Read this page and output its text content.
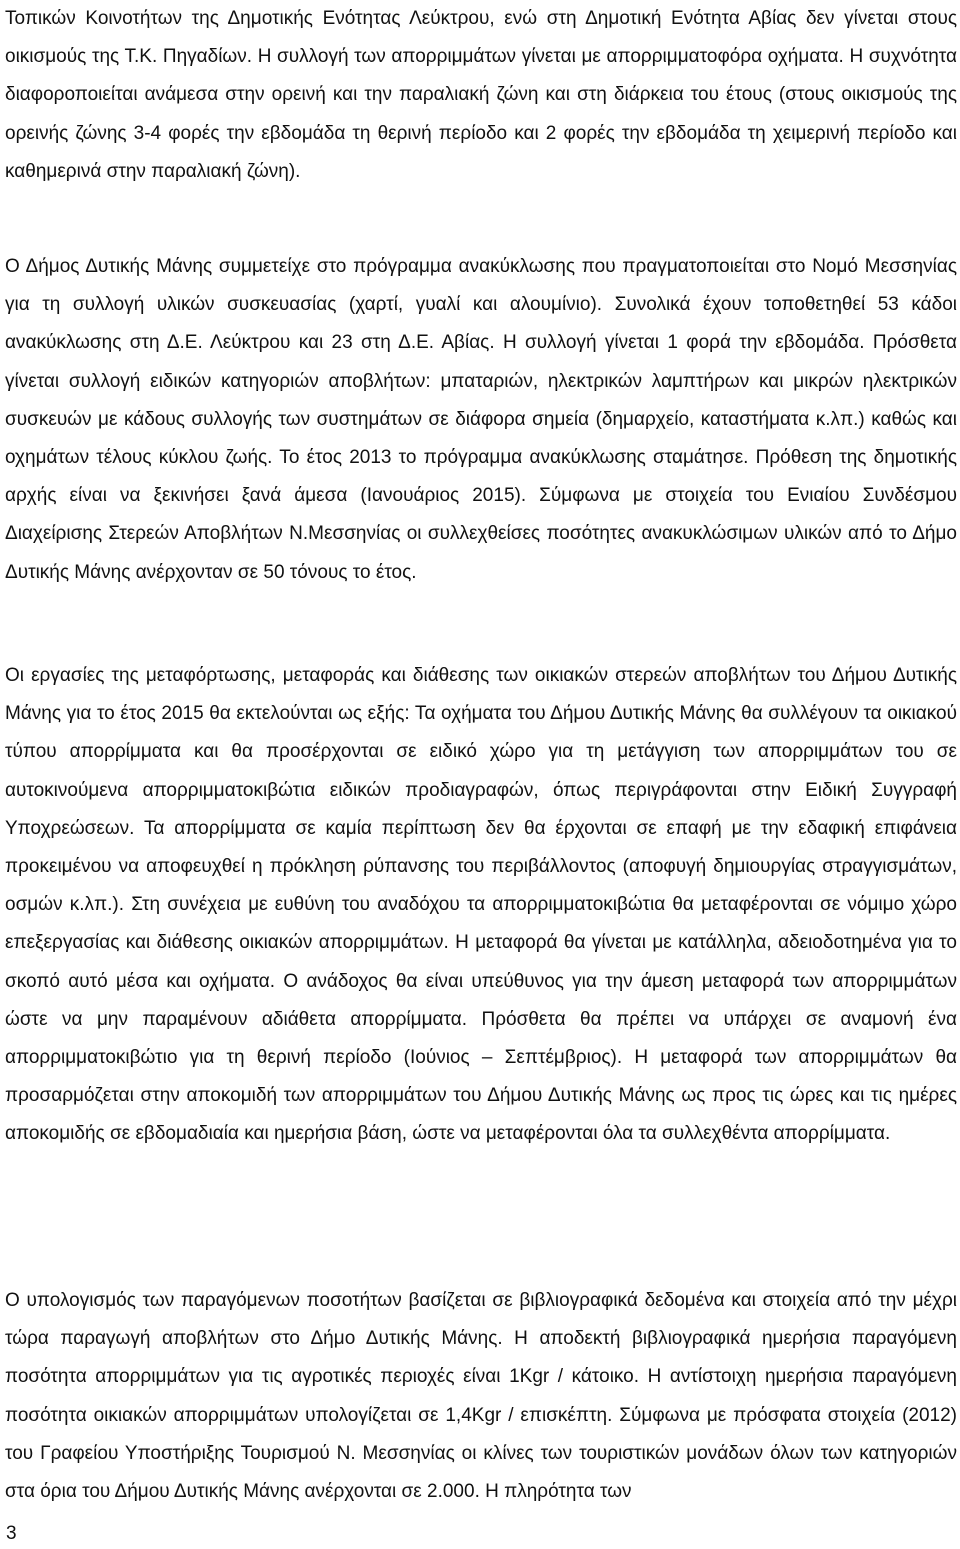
Τοπικών Κοινοτήτων της Δημοτικής Ενότητας Λεύκτρου, ενώ στη Δημοτική Ενότητα Αβίας δεν γίνεται στους οικισμούς της Τ.Κ. Πηγαδίων. Η συλλογή των απορριμμάτων γίνεται με απορριμματοφόρα οχήματα. Η συχνότητα διαφοροποιείται ανάμεσα στην ορεινή και την παραλιακή ζώνη και στη διάρκεια του έτους (στους οικισμούς της ορεινής ζώνης 3-4 φορές την εβδομάδα τη θερινή περίοδο και 2 φορές την εβδομάδα τη χειμερινή περίοδο και καθημερινά στην παραλιακή ζώνη).

Ο Δήμος Δυτικής Μάνης συμμετείχε στο πρόγραμμα ανακύκλωσης που πραγματοποιείται στο Νομό Μεσσηνίας για τη συλλογή υλικών συσκευασίας (χαρτί, γυαλί και αλουμίνιο). Συνολικά έχουν τοποθετηθεί 53 κάδοι ανακύκλωσης στη Δ.Ε. Λεύκτρου και 23 στη Δ.Ε. Αβίας. Η συλλογή γίνεται 1 φορά την εβδομάδα. Πρόσθετα γίνεται συλλογή ειδικών κατηγοριών αποβλήτων: μπαταριών, ηλεκτρικών λαμπτήρων και μικρών ηλεκτρικών συσκευών με κάδους συλλογής των συστημάτων σε διάφορα σημεία (δημαρχείο, καταστήματα κ.λπ.) καθώς και οχημάτων τέλους κύκλου ζωής. Το έτος 2013 το πρόγραμμα ανακύκλωσης σταμάτησε. Πρόθεση της δημοτικής αρχής είναι να ξεκινήσει ξανά άμεσα (Ιανουάριος 2015). Σύμφωνα με στοιχεία του Ενιαίου Συνδέσμου Διαχείρισης Στερεών Αποβλήτων Ν.Μεσσηνίας οι συλλεχθείσες ποσότητες ανακυκλώσιμων υλικών από το Δήμο Δυτικής Μάνης ανέρχονταν σε 50 τόνους το έτος.

Οι εργασίες της μεταφόρτωσης, μεταφοράς και διάθεσης των οικιακών στερεών αποβλήτων του Δήμου Δυτικής Μάνης για το έτος 2015 θα εκτελούνται ως εξής: Τα οχήματα του Δήμου Δυτικής Μάνης θα συλλέγουν τα οικιακού τύπου απορρίμματα και θα προσέρχονται σε ειδικό χώρο για τη μετάγγιση των απορριμμάτων του σε αυτοκινούμενα απορριμματοκιβώτια ειδικών προδιαγραφών, όπως περιγράφονται στην Ειδική Συγγραφή Υποχρεώσεων. Τα απορρίμματα σε καμία περίπτωση δεν θα έρχονται σε επαφή με την εδαφική επιφάνεια προκειμένου να αποφευχθεί η πρόκληση ρύπανσης του περιβάλλοντος (αποφυγή δημιουργίας στραγγισμάτων, οσμών κ.λπ.). Στη συνέχεια με ευθύνη του αναδόχου τα απορριμματοκιβώτια θα μεταφέρονται σε νόμιμο χώρο επεξεργασίας και διάθεσης οικιακών απορριμμάτων. Η μεταφορά θα γίνεται με κατάλληλα, αδειοδοτημένα για το σκοπό αυτό μέσα και οχήματα. Ο ανάδοχος θα είναι υπεύθυνος για την άμεση μεταφορά των απορριμμάτων ώστε να μην παραμένουν αδιάθετα απορρίμματα. Πρόσθετα θα πρέπει να υπάρχει σε αναμονή ένα απορριμματοκιβώτιο για τη θερινή περίοδο (Ιούνιος – Σεπτέμβριος). Η μεταφορά των απορριμμάτων θα προσαρμόζεται στην αποκομιδή των απορριμμάτων του Δήμου Δυτικής Μάνης ως προς τις ώρες και τις ημέρες αποκομιδής σε εβδομαδιαία και ημερήσια βάση, ώστε να μεταφέρονται όλα τα συλλεχθέντα απορρίμματα.

Ο υπολογισμός των παραγόμενων ποσοτήτων βασίζεται σε βιβλιογραφικά δεδομένα και στοιχεία από την μέχρι τώρα παραγωγή αποβλήτων στο Δήμο Δυτικής Μάνης. Η αποδεκτή βιβλιογραφικά ημερήσια παραγόμενη ποσότητα απορριμμάτων για τις αγροτικές περιοχές είναι 1Kgr / κάτοικο. Η αντίστοιχη ημερήσια παραγόμενη ποσότητα οικιακών απορριμμάτων υπολογίζεται σε 1,4Kgr / επισκέπτη. Σύμφωνα με πρόσφατα στοιχεία (2012) του Γραφείου Υποστήριξης Τουρισμού Ν. Μεσσηνίας οι κλίνες των τουριστικών μονάδων όλων των κατηγοριών στα όρια του Δήμου Δυτικής Μάνης ανέρχονται σε 2.000. Η πληρότητα των

3
